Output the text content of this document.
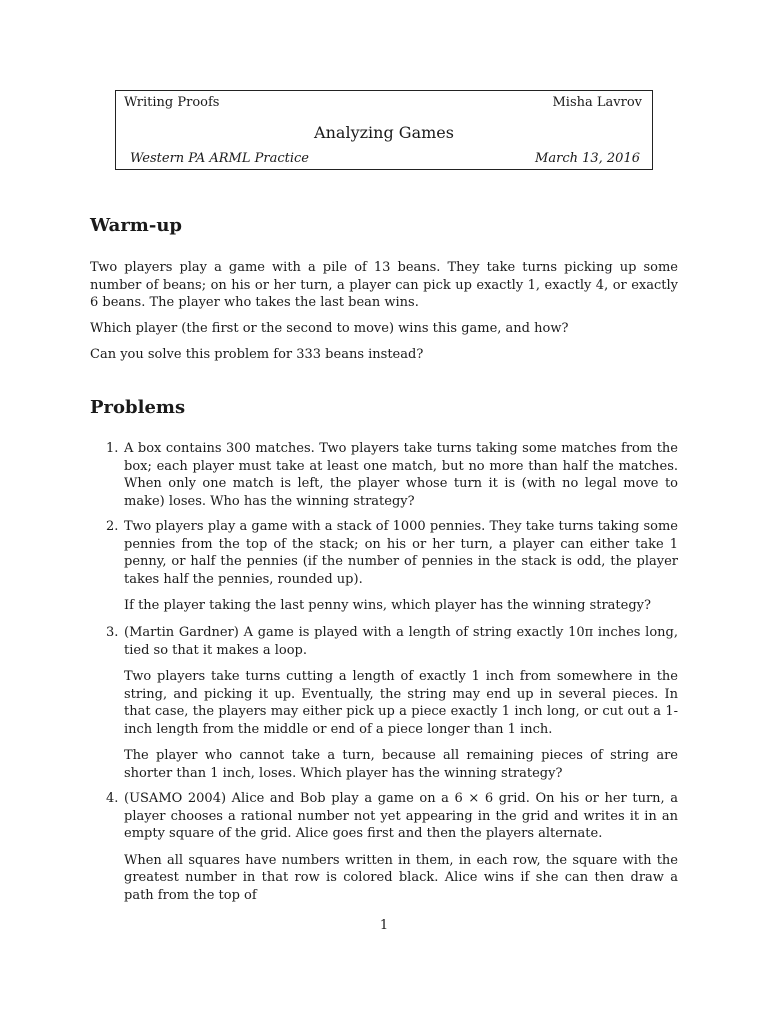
Writing Proofs	Misha Lavrov
Analyzing Games
Western PA ARML Practice	March 13, 2016
Warm-up

Two players play a game with a pile of 13 beans. They take turns picking up some number of beans; on his or her turn, a player can pick up exactly 1, exactly 4, or exactly 6 beans. The player who takes the last bean wins.

Which player (the first or the second to move) wins this game, and how?

Can you solve this problem for 333 beans instead?

Problems
1. A box contains 300 matches. Two players take turns taking some matches from the box; each player must take at least one match, but no more than half the matches. When only one match is left, the player whose turn it is (with no legal move to make) loses. Who has the winning strategy?

2. Two players play a game with a stack of 1000 pennies. They take turns taking some pennies from the top of the stack; on his or her turn, a player can either take 1 penny, or half the pennies (if the number of pennies in the stack is odd, the player takes half the pennies, rounded up).

If the player taking the last penny wins, which player has the winning strategy?

3. (Martin Gardner) A game is played with a length of string exactly 10π inches long, tied so that it makes a loop.

Two players take turns cutting a length of exactly 1 inch from somewhere in the string, and picking it up. Eventually, the string may end up in several pieces. In that case, the players may either pick up a piece exactly 1 inch long, or cut out a 1-inch length from the middle or end of a piece longer than 1 inch.

The player who cannot take a turn, because all remaining pieces of string are shorter than 1 inch, loses. Which player has the winning strategy?

4. (USAMO 2004) Alice and Bob play a game on a 6 × 6 grid. On his or her turn, a player chooses a rational number not yet appearing in the grid and writes it in an empty square of the grid. Alice goes first and then the players alternate.

When all squares have numbers written in them, in each row, the square with the greatest number in that row is colored black. Alice wins if she can then draw a path from the top of

1
